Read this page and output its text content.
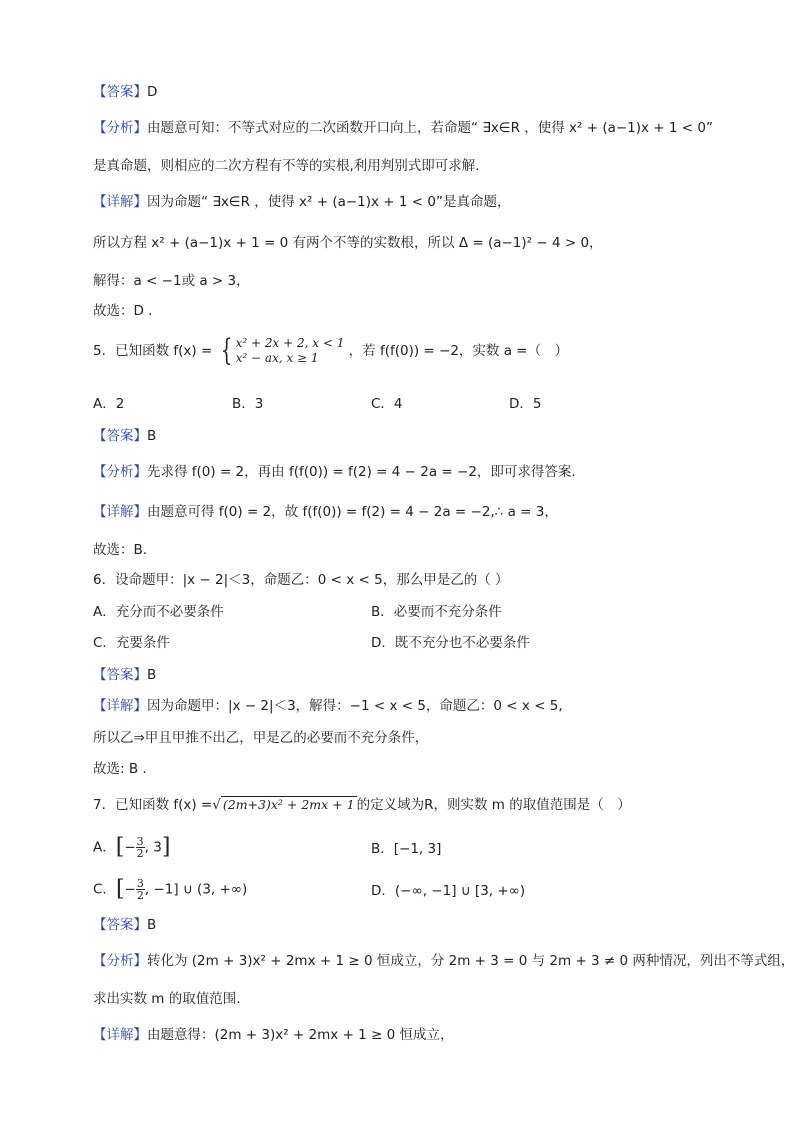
【答案】D
【分析】由题意可知：不等式对应的二次函数开口向上，若命题“ ∃x∈R ，使得 x² + (a−1)x + 1 < 0”
是真命题，则相应的二次方程有不等的实根,利用判别式即可求解.
【详解】因为命题“ ∃x∈R ，使得 x² + (a−1)x + 1 < 0”是真命题，
所以方程 x² + (a−1)x + 1 = 0 有两个不等的实数根，所以 Δ = (a−1)² − 4 > 0，
解得：a < −1或 a > 3，
故选：D .
5．已知函数 f(x) = { x² + 2x + 2, x < 1
x² − ax, x ≥ 1	，若 f(f(0)) = −2，实数 a =（　）
A．2	B．3	C．4	D．5
【答案】B
【分析】先求得 f(0) = 2，再由 f(f(0)) = f(2) = 4 − 2a = −2，即可求得答案.
【详解】由题意可得 f(0) = 2，故 f(f(0)) = f(2) = 4 − 2a = −2,∴ a = 3，
故选：B.
6．设命题甲：|x − 2|＜3，命题乙：0 < x < 5，那么甲是乙的（ ）
A．充分而不必要条件	B．必要而不充分条件
C．充要条件	D．既不充分也不必要条件
【答案】B
【详解】因为命题甲：|x − 2|＜3，解得：−1 < x < 5，命题乙：0 < x < 5,
所以乙⇒甲且甲推不出乙，甲是乙的必要而不充分条件，
故选: B .
7．已知函数 f(x) =√ (2m+3)x² + 2mx + 1 的定义域为R，则实数 m 的取值范围是（　）
A．[− $\frac{3}{2}$, 3]	B．[−1, 3]
C．[− $\frac{3}{2}$, −1] ∪ (3, +∞)	D．(−∞, −1] ∪ [3, +∞)
【答案】B
【分析】转化为 (2m + 3)x² + 2mx + 1 ≥ 0 恒成立，分 2m + 3 = 0 与 2m + 3 ≠ 0 两种情况，列出不等式组，
求出实数 m 的取值范围.
【详解】由题意得：(2m + 3)x² + 2mx + 1 ≥ 0 恒成立，
